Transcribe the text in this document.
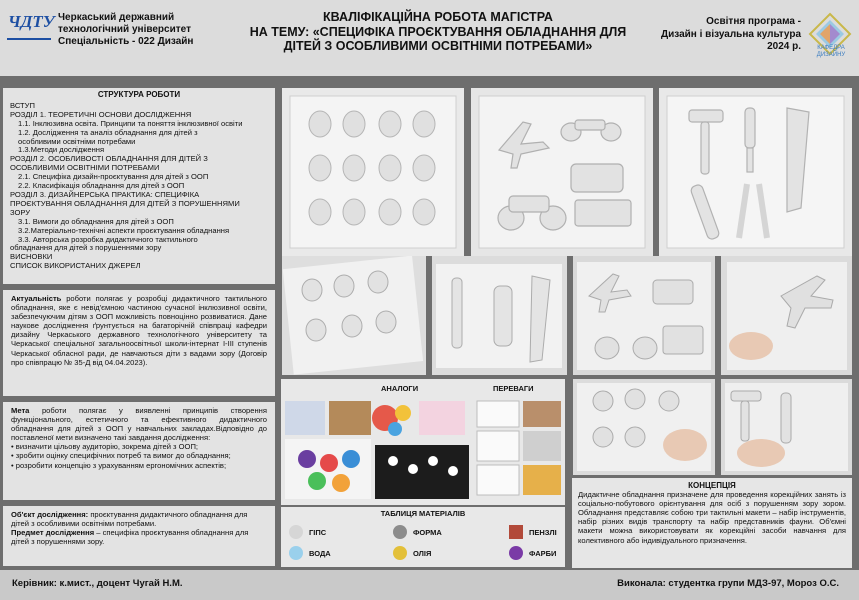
ЧДТУ Черкаський державний
технологічний університет
Спеціальність - 022 Дизайн
КВАЛІФІКАЦІЙНА РОБОТА МАГІСТРА
НА ТЕМУ: «СПЕЦИФІКА ПРОЄКТУВАННЯ ОБЛАДНАННЯ ДЛЯ
ДІТЕЙ З ОСОБЛИВИМИ ОСВІТНІМИ ПОТРЕБАМИ»
Освітня програма -
Дизайн і візуальна культура
2024 р.	КАФЕДРА
ДИЗАЙНУ
СТРУКТУРА РОБОТИ
ВСТУП
РОЗДІЛ 1. ТЕОРЕТИЧНІ ОСНОВИ ДОСЛІДЖЕННЯ
1.1. Інклюзивна освіта. Принципи та поняття інклюзивної освіти
1.2. Дослідження та аналіз обладнання для дітей з
особливими освітніми потребами
1.3.Методи дослідження
РОЗДІЛ 2. ОСОБЛИВОСТІ ОБЛАДНАННЯ ДЛЯ ДІТЕЙ З
ОСОБЛИВИМИ ОСВІТНІМИ ПОТРЕБАМИ
2.1. Специфіка дизайн-проєктування для дітей з ООП
2.2. Класифікація обладнання для дітей з ООП
РОЗДІЛ 3. ДИЗАЙНЕРСЬКА ПРАКТИКА: СПЕЦИФІКА
ПРОЄКТУВАННЯ ОБЛАДНАННЯ ДЛЯ ДІТЕЙ З ПОРУШЕННЯМИ
ЗОРУ
3.1. Вимоги до обладнання для дітей з ООП
3.2.Матеріально-технічні аспекти проєктування обладнання
3.3. Авторська розробка дидактичного тактильного
обладнання для дітей з порушеннями зору
ВИСНОВКИ
СПИСОК ВИКОРИСТАНИХ ДЖЕРЕЛ
Актуальність роботи полягає у розробці дидактичного тактильного обладнання, яке є невід'ємною частиною сучасної інклюзивної освіти, забезпечуючим дітям з ООП можливість повноцінно розвиватися. Дане наукове дослідження ґрунтується на багаторічній співпраці кафедри дизайну Черкаського державного технологічного університету та Черкаської спеціальної загальноосвітньої школи-інтернат І-ІІІ ступенів Черкаської обласної ради, де навчаються діти з вадами зору (Договір про співпрацю № 35-Д від 04.04.2023).
Мета роботи полягає у виявленні принципів створення функціонального, естетичного та ефективного дидактичного обладнання для дітей з ООП у навчальних закладах.Відповідно до поставленої мети визначено такі завдання дослідження:
• визначити цільову аудиторію, зокрема дітей з ООП;
• зробити оцінку специфічних потреб та вимог до обладнання;
• розробити концепцію з урахуванням ергономічних аспектів;
Об'єкт дослідження: проєктування дидактичного обладнання для дітей з особливими освітніми потребами.
Предмет дослідження – специфіка проєктування обладнання для дітей з порушеннями зору.
АНАЛОГИ	ПЕРЕВАГИ
ТАБЛИЦЯ МАТЕРІАЛІВ
ГІПС
ВОДА
ФОРМА
ОЛІЯ
ПЕНЗЛІ
ФАРБИ
КОНЦЕПЦІЯ

Дидактичне обладнання призначене для проведення корекційних занять із соціально-побутового орієнтування для осіб з порушенням зору зором. Обладнання представляє собою три тактильні макети – набір інструментів, набір різних видів транспорту та набір представників фауни. Об'ємні макети можна використовувати як корекційні засоби навчання для колективного або індивідуального призначення.

Керівник: к.мист., доцент Чугай Н.М.	Виконала: студентка групи МДЗ-97, Мороз О.С.
